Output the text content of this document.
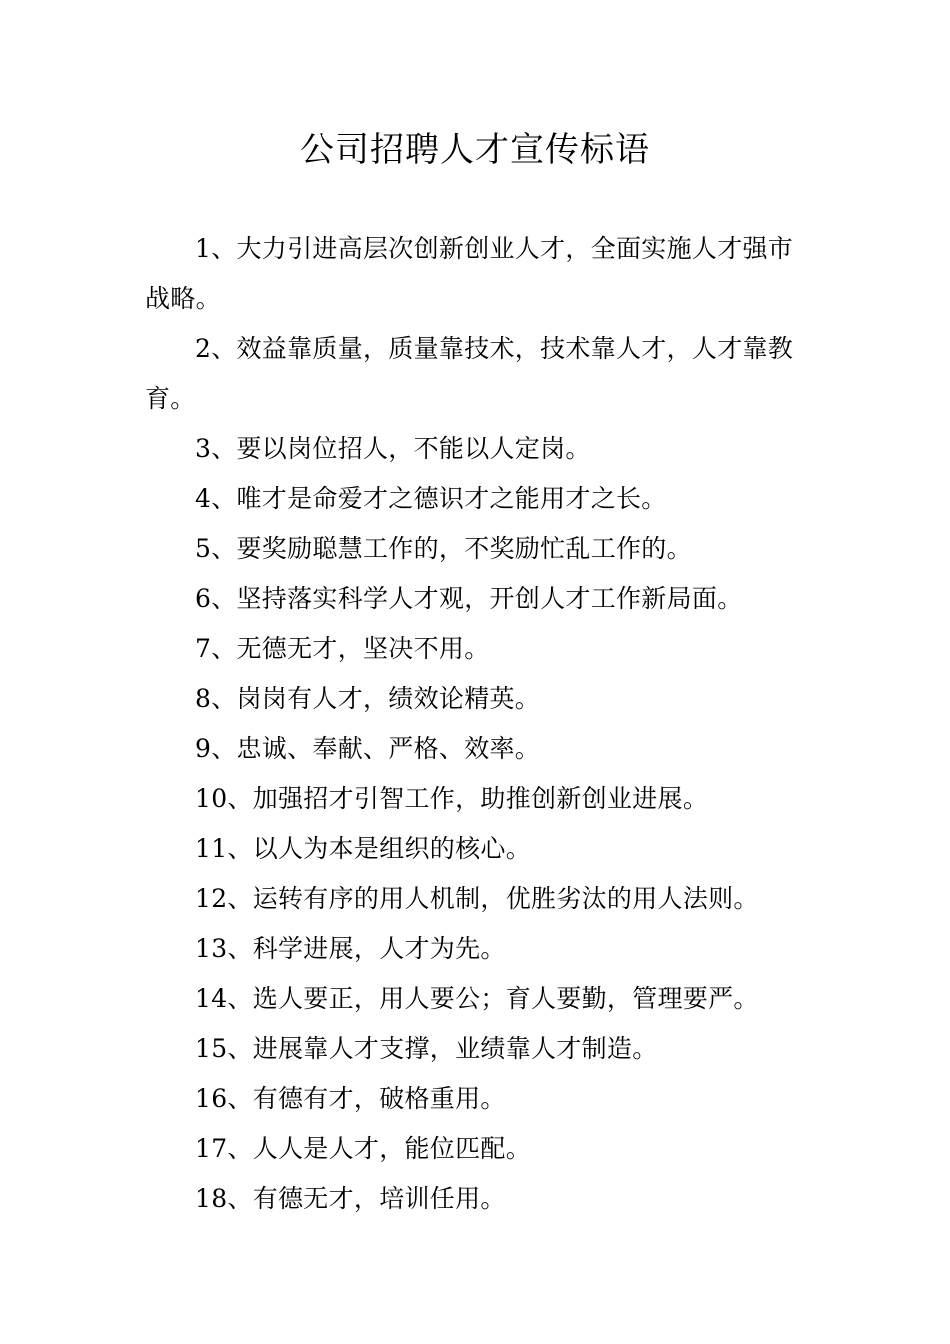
公司招聘人才宣传标语

1、大力引进高层次创新创业人才，全面实施人才强市战略。

2、效益靠质量，质量靠技术，技术靠人才，人才靠教育。

3、要以岗位招人，不能以人定岗。

4、唯才是命爱才之德识才之能用才之长。

5、要奖励聪慧工作的，不奖励忙乱工作的。

6、坚持落实科学人才观，开创人才工作新局面。

7、无德无才，坚决不用。

8、岗岗有人才，绩效论精英。

9、忠诚、奉献、严格、效率。

10、加强招才引智工作，助推创新创业进展。

11、以人为本是组织的核心。

12、运转有序的用人机制，优胜劣汰的用人法则。

13、科学进展，人才为先。

14、选人要正，用人要公；育人要勤，管理要严。

15、进展靠人才支撑，业绩靠人才制造。

16、有德有才，破格重用。

17、人人是人才，能位匹配。

18、有德无才，培训任用。
